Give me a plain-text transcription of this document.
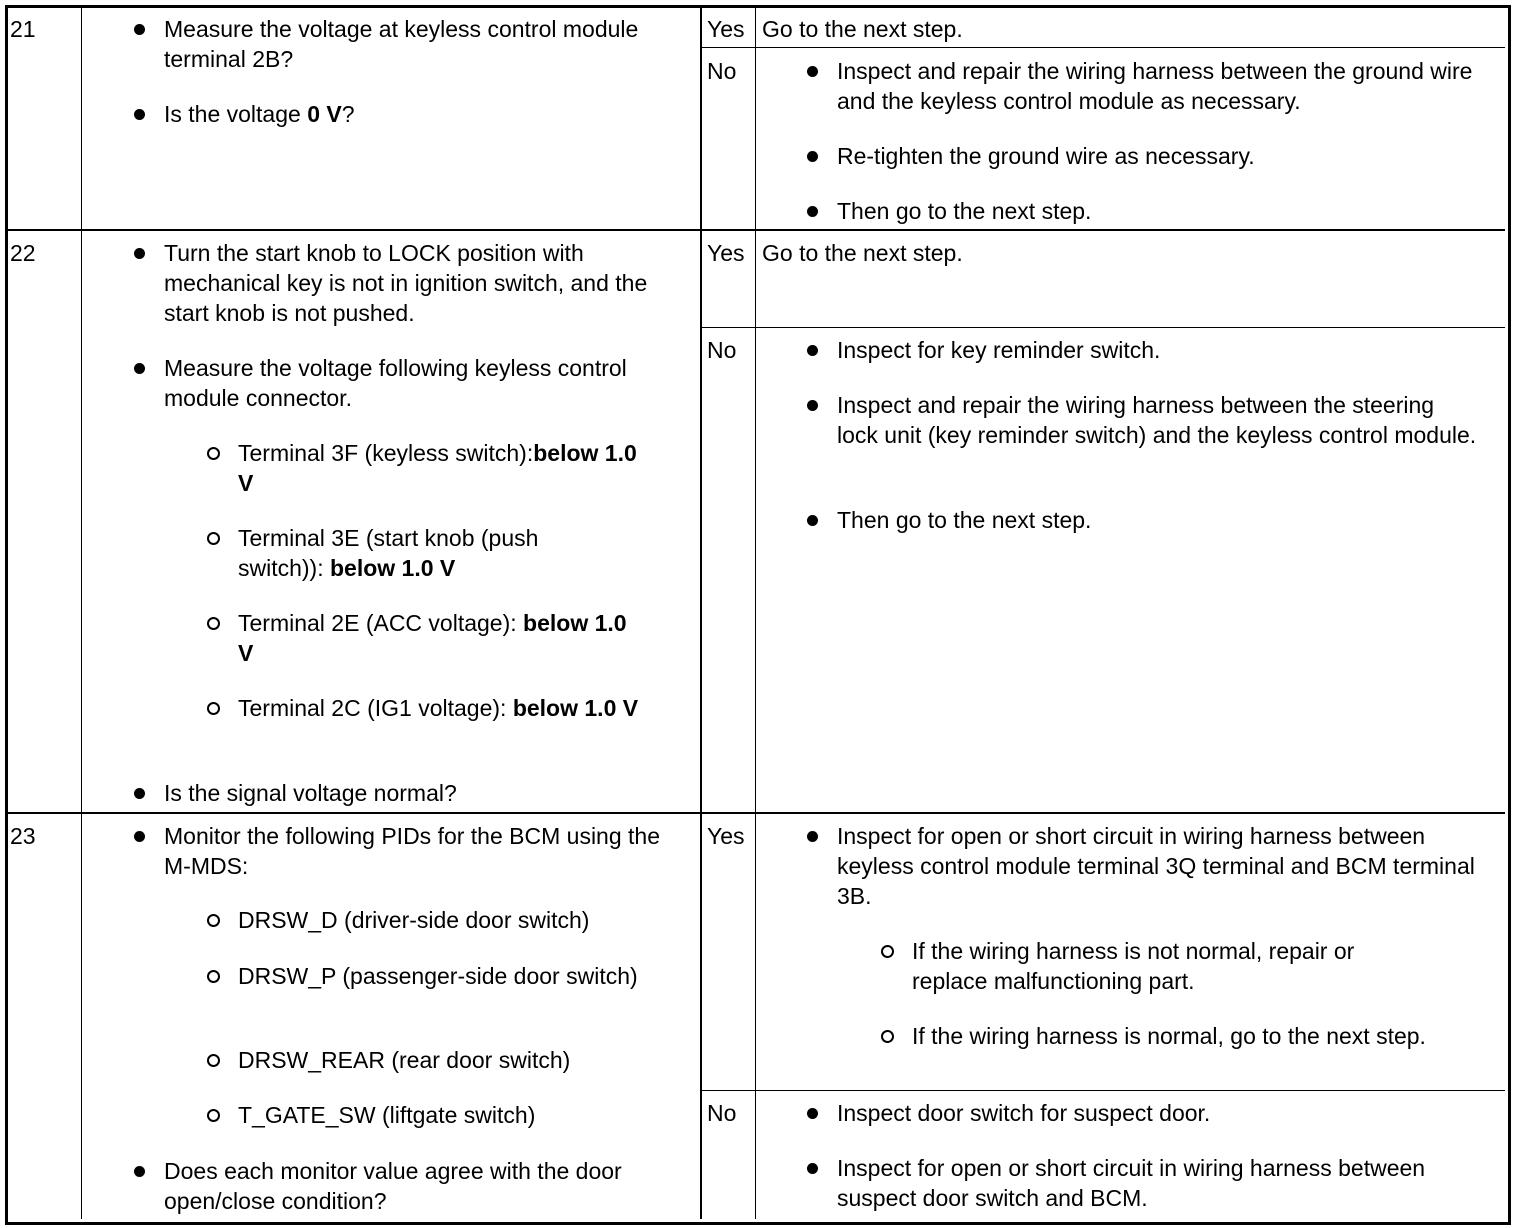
21	Measure the voltage at keyless control module terminal 2B?
Is the voltage 0 V?
Yes Go to the next step.
No	Inspect and repair the wiring harness between the ground wire and the keyless control module as necessary.
Re-tighten the ground wire as necessary.
Then go to the next step.
22	Turn the start knob to LOCK position with mechanical key is not in ignition switch, and the start knob is not pushed.
Measure the voltage following keyless control module connector.
Terminal 3F (keyless switch):below 1.0 V
Terminal 3E (start knob (push switch)): below 1.0 V
Terminal 2E (ACC voltage): below 1.0 V
Terminal 2C (IG1 voltage): below 1.0 V
Is the signal voltage normal?
Yes Go to the next step.
No	Inspect for key reminder switch.
Inspect and repair the wiring harness between the steering lock unit (key reminder switch) and the keyless control module.
Then go to the next step.
23	Monitor the following PIDs for the BCM using the M-MDS:
DRSW_D (driver-side door switch)
DRSW_P (passenger-side door switch)
DRSW_REAR (rear door switch)
T_GATE_SW (liftgate switch)
Does each monitor value agree with the door open/close condition?
Yes	Inspect for open or short circuit in wiring harness between keyless control module terminal 3Q terminal and BCM terminal 3B.
If the wiring harness is not normal, repair or replace malfunctioning part.
If the wiring harness is normal, go to the next step.
No	Inspect door switch for suspect door.
Inspect for open or short circuit in wiring harness between suspect door switch and BCM.
